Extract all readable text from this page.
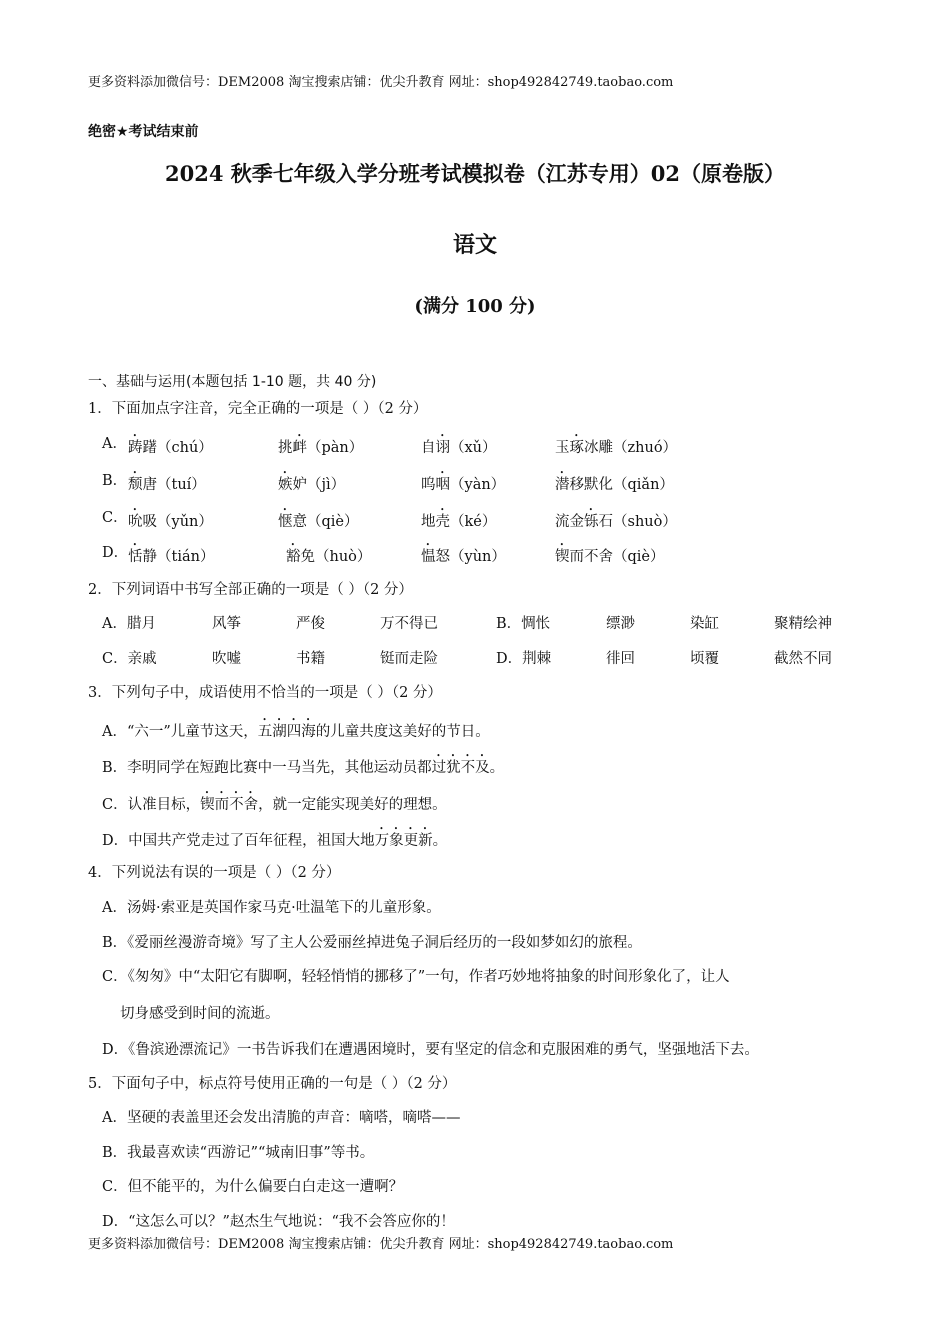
更多资料添加微信号：DEM2008 淘宝搜索店铺：优尖升教育 网址：shop492842749.taobao.com
绝密★考试结束前
2024 秋季七年级入学分班考试模拟卷（江苏专用）02（原卷版）
语文
(满分 100 分)
一、基础与运用(本题包括 1-10 题，共 40 分)
1．下面加点字注音，完全正确的一项是（ ）（2 分）
A． 踌躇（chú）	挑衅（pàn）	自诩（xǔ）	玉琢冰雕（zhuó）
B． 颓唐（tuí）	嫉妒（jì）	呜咽（yàn）	潜移默化（qiǎn）
C． 吮吸（yǔn）	惬意（qiè）	地壳（ké）	流金铄石（shuò）
D． 恬静（tián）	豁免（huò）	愠怒（yùn）	锲而不舍（qiè）
2．下列词语中书写全部正确的一项是（ ）（2 分）
A．腊月	风筝	严俊	万不得已	B．惆怅	缥渺	染缸	聚精绘神
C．亲戚	吹嘘	书籍	铤而走险	D．荆棘	徘回	顷覆	截然不同
3．下列句子中，成语使用不恰当的一项是（ ）（2 分）
A．“六一”儿童节这天，五湖四海的儿童共度这美好的节日。
B．李明同学在短跑比赛中一马当先，其他运动员都过犹不及。
C．认准目标，锲而不舍，就一定能实现美好的理想。
D．中国共产党走过了百年征程，祖国大地万象更新。
4．下列说法有误的一项是（ ）（2 分）
A．汤姆·索亚是英国作家马克·吐温笔下的儿童形象。
B．《爱丽丝漫游奇境》写了主人公爱丽丝掉进兔子洞后经历的一段如梦如幻的旅程。
C．《匆匆》中“太阳它有脚啊，轻轻悄悄的挪移了”一句，作者巧妙地将抽象的时间形象化了，让人
切身感受到时间的流逝。
D．《鲁滨逊漂流记》一书告诉我们在遭遇困境时，要有坚定的信念和克服困难的勇气，坚强地活下去。
5．下面句子中，标点符号使用正确的一句是（ ）（2 分）
A．坚硬的表盖里还会发出清脆的声音：嘀嗒，嘀嗒——
B．我最喜欢读“西游记”“城南旧事”等书。
C．但不能平的，为什么偏要白白走这一遭啊？
D．“这怎么可以？”赵杰生气地说：“我不会答应你的！
更多资料添加微信号：DEM2008 淘宝搜索店铺：优尖升教育 网址：shop492842749.taobao.com
